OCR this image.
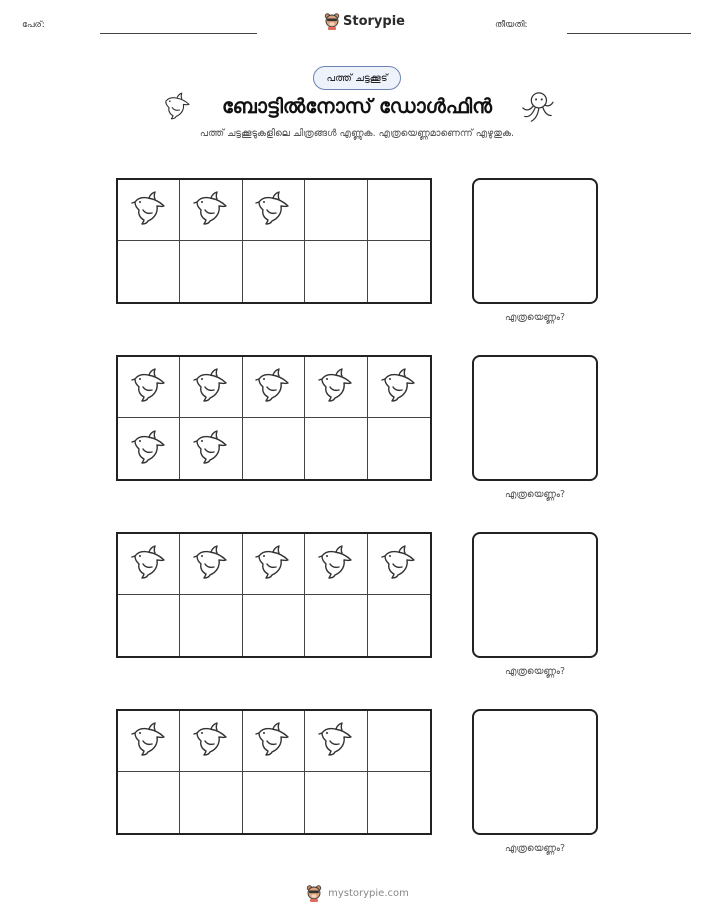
പേര്:	Storypie	തീയതി:
പത്ത് ചട്ടക്കൂട്
ബോട്ടിൽനോസ് ഡോൾഫിൻ
പത്ത് ചട്ടക്കൂടുകളിലെ ചിത്രങ്ങൾ എണ്ണുക. എത്രയെണ്ണമാണെന്ന് എഴുതുക.
എത്രയെണ്ണം?
എത്രയെണ്ണം?
എത്രയെണ്ണം?
എത്രയെണ്ണം?
mystorypie.com
